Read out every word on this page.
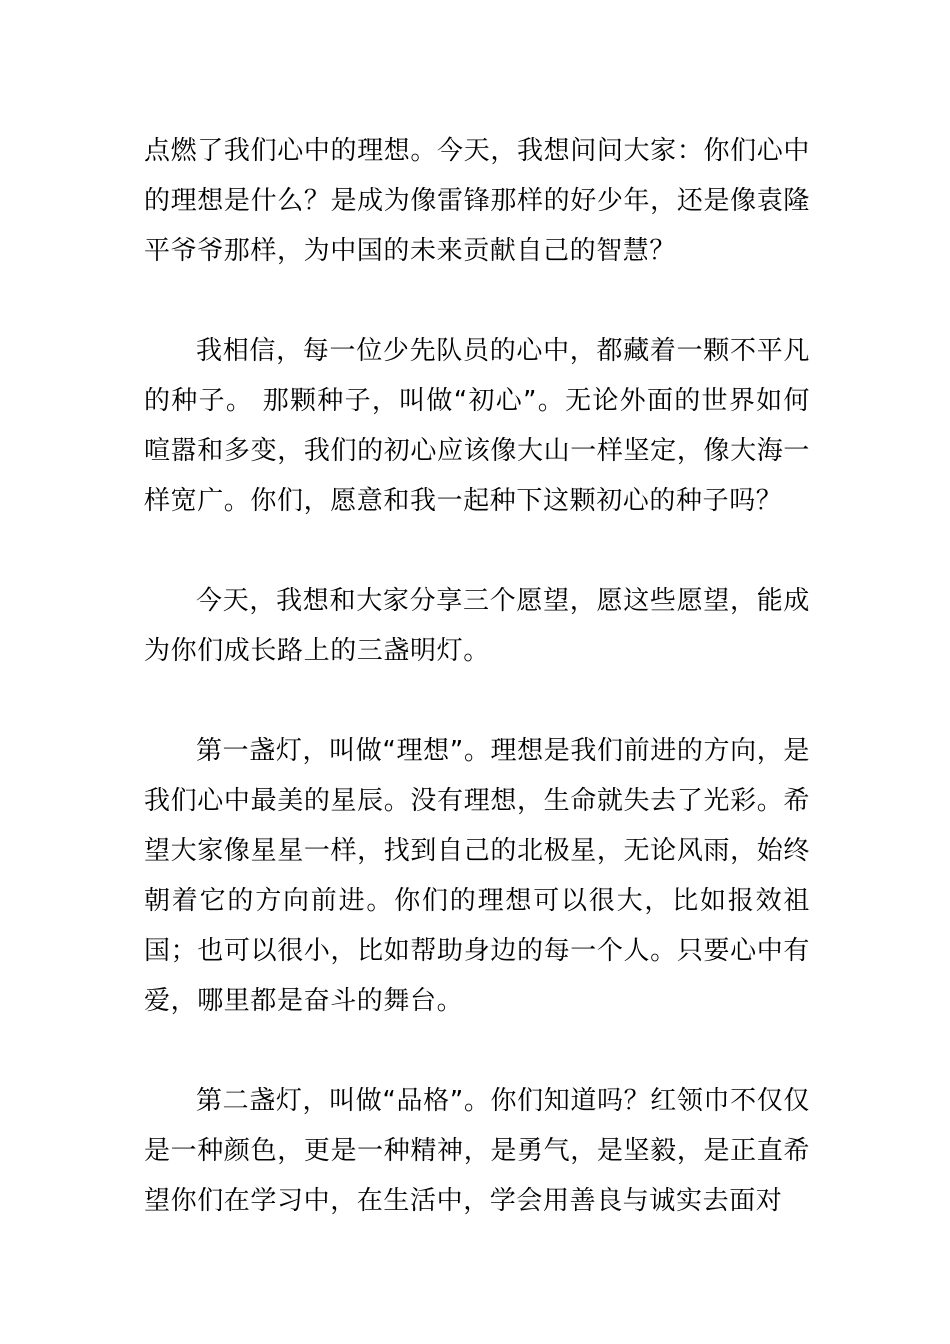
点燃了我们心中的理想。今天，我想问问大家：你们心中的理想是什么？是成为像雷锋那样的好少年，还是像袁隆平爷爷那样，为中国的未来贡献自己的智慧？

我相信，每一位少先队员的心中，都藏着一颗不平凡的种子。 那颗种子，叫做“初心”。无论外面的世界如何喧嚣和多变，我们的初心应该像大山一样坚定，像大海一样宽广。你们，愿意和我一起种下这颗初心的种子吗？

今天，我想和大家分享三个愿望，愿这些愿望，能成为你们成长路上的三盏明灯。

第一盏灯，叫做“理想”。理想是我们前进的方向，是我们心中最美的星辰。没有理想，生命就失去了光彩。希望大家像星星一样，找到自己的北极星，无论风雨，始终朝着它的方向前进。你们的理想可以很大，比如报效祖国；也可以很小，比如帮助身边的每一个人。只要心中有爱，哪里都是奋斗的舞台。

第二盏灯，叫做“品格”。你们知道吗？红领巾不仅仅是一种颜色，更是一种精神，是勇气，是坚毅，是正直希望你们在学习中，在生活中，学会用善良与诚实去面对
